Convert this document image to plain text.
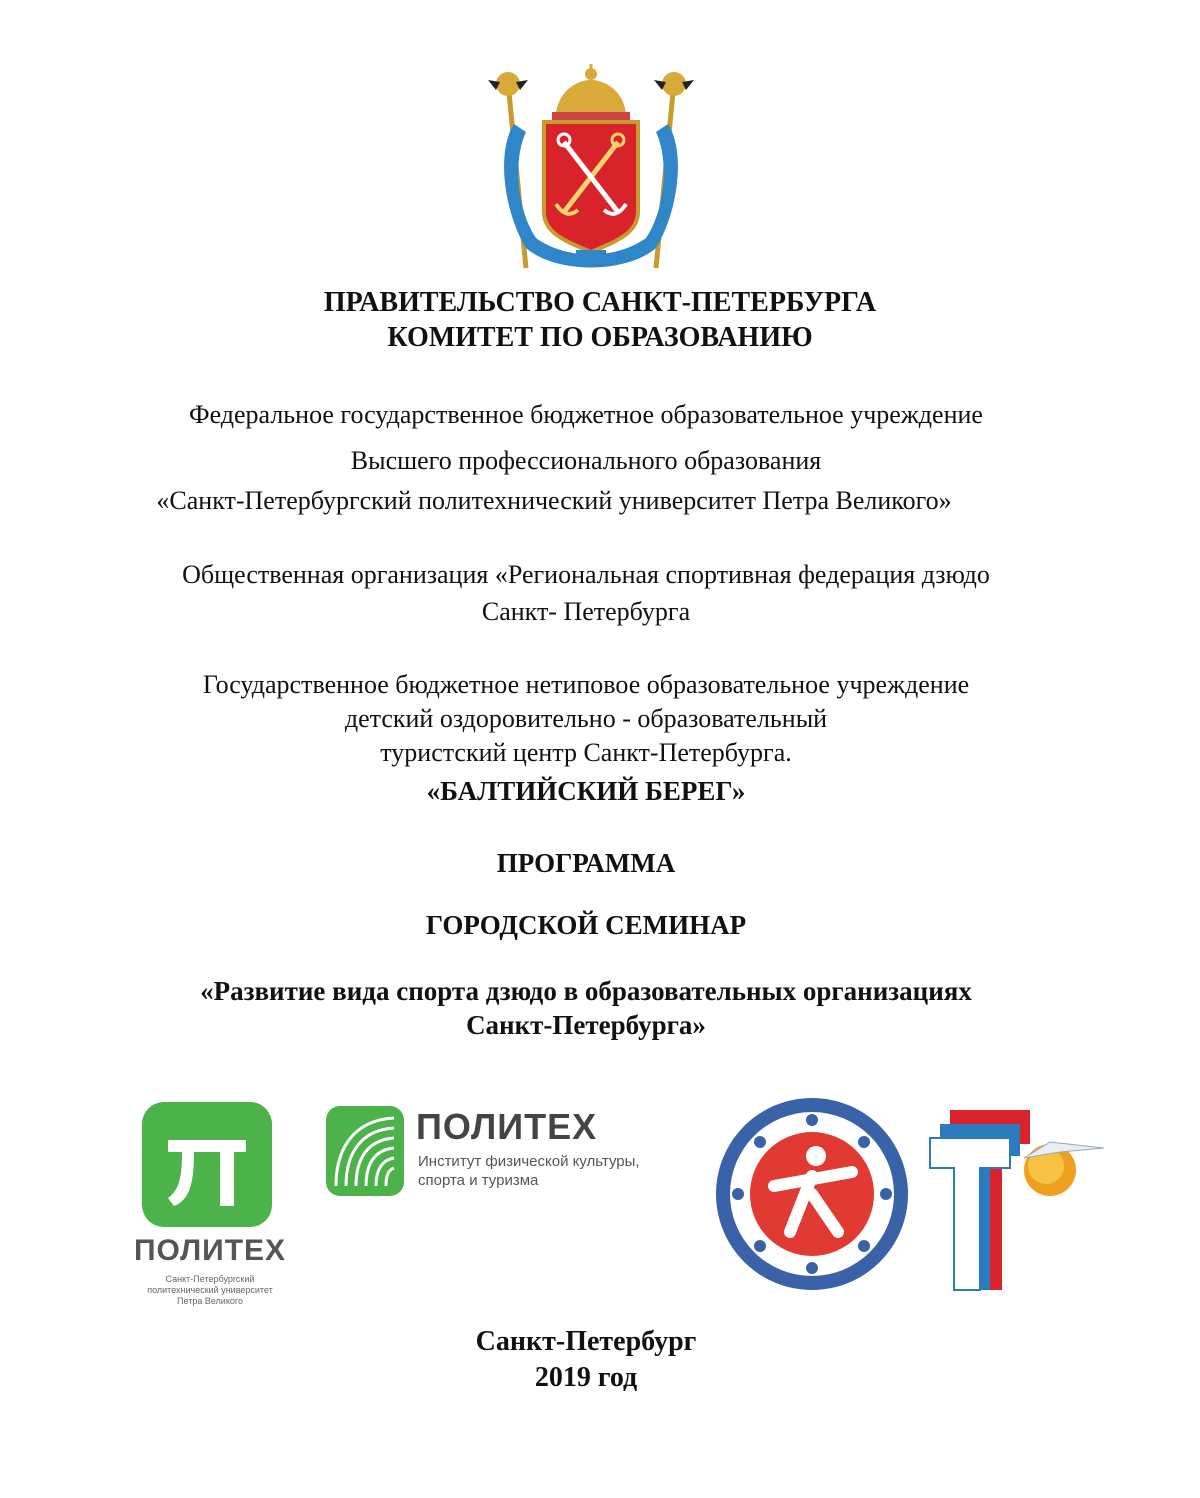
ПРАВИТЕЛЬСТВО САНКТ-ПЕТЕРБУРГА
КОМИТЕТ ПО ОБРАЗОВАНИЮ
Федеральное государственное бюджетное образовательное учреждение
Высшего профессионального образования
«Санкт-Петербургский политехнический университет Петра Великого»
Общественная организация «Региональная спортивная федерация дзюдо
Санкт- Петербурга
Государственное бюджетное нетиповое образовательное учреждение
детский оздоровительно - образовательный
туристский центр Санкт-Петербурга.
«БАЛТИЙСКИЙ БЕРЕГ»
ПРОГРАММА
ГОРОДСКОЙ СЕМИНАР
«Развитие вида спорта дзюдо в образовательных организациях
Санкт-Петербурга»
ПОЛИТЕХ
Санкт-Петербургский
политехнический университет
Петра Великого
ПОЛИТЕХ
Институт физической культуры,
спорта и туризма
Санкт-Петербург
2019 год
